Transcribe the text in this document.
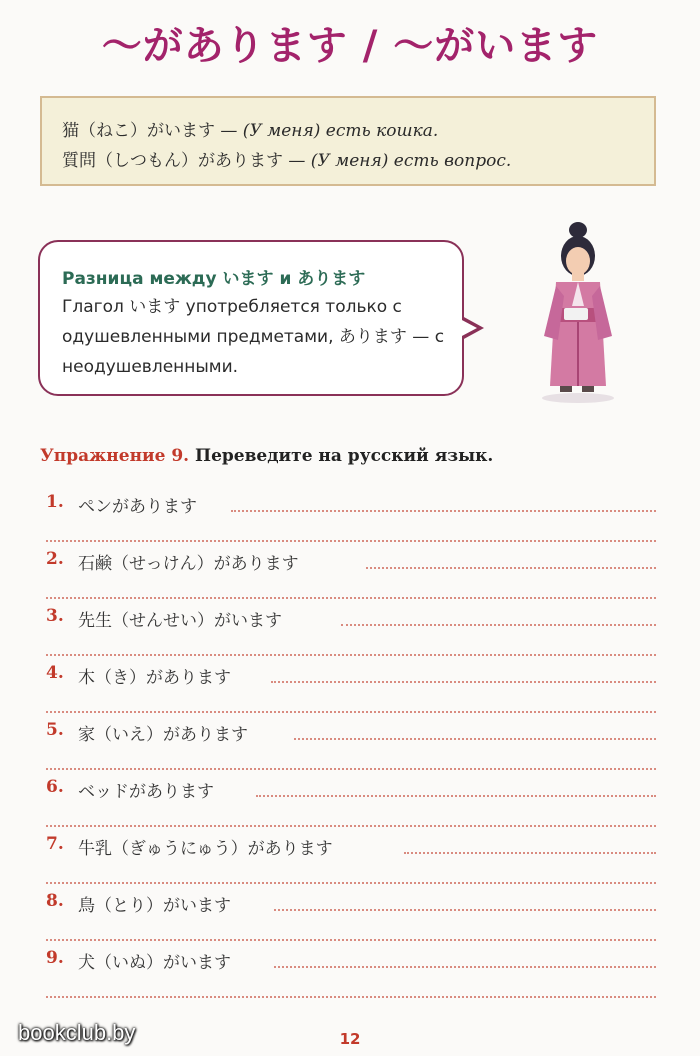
〜があります / 〜がいます
猫（ねこ）がいます — (У меня) есть кошка.
質問（しつもん）があります — (У меня) есть вопрос.
Разница между います и あります
Глагол います употребляется только с одушевленными предметами, あります — с неодушевленными.
Упражнение 9. Переведите на русский язык.
1. ペンがあります
2. 石鹸（せっけん）があります
3. 先生（せんせい）がいます
4. 木（き）があります
5. 家（いえ）があります
6. ベッドがあります
7. 牛乳（ぎゅうにゅう）があります
8. 鳥（とり）がいます
9. 犬（いぬ）がいます
12
bookclub.by
